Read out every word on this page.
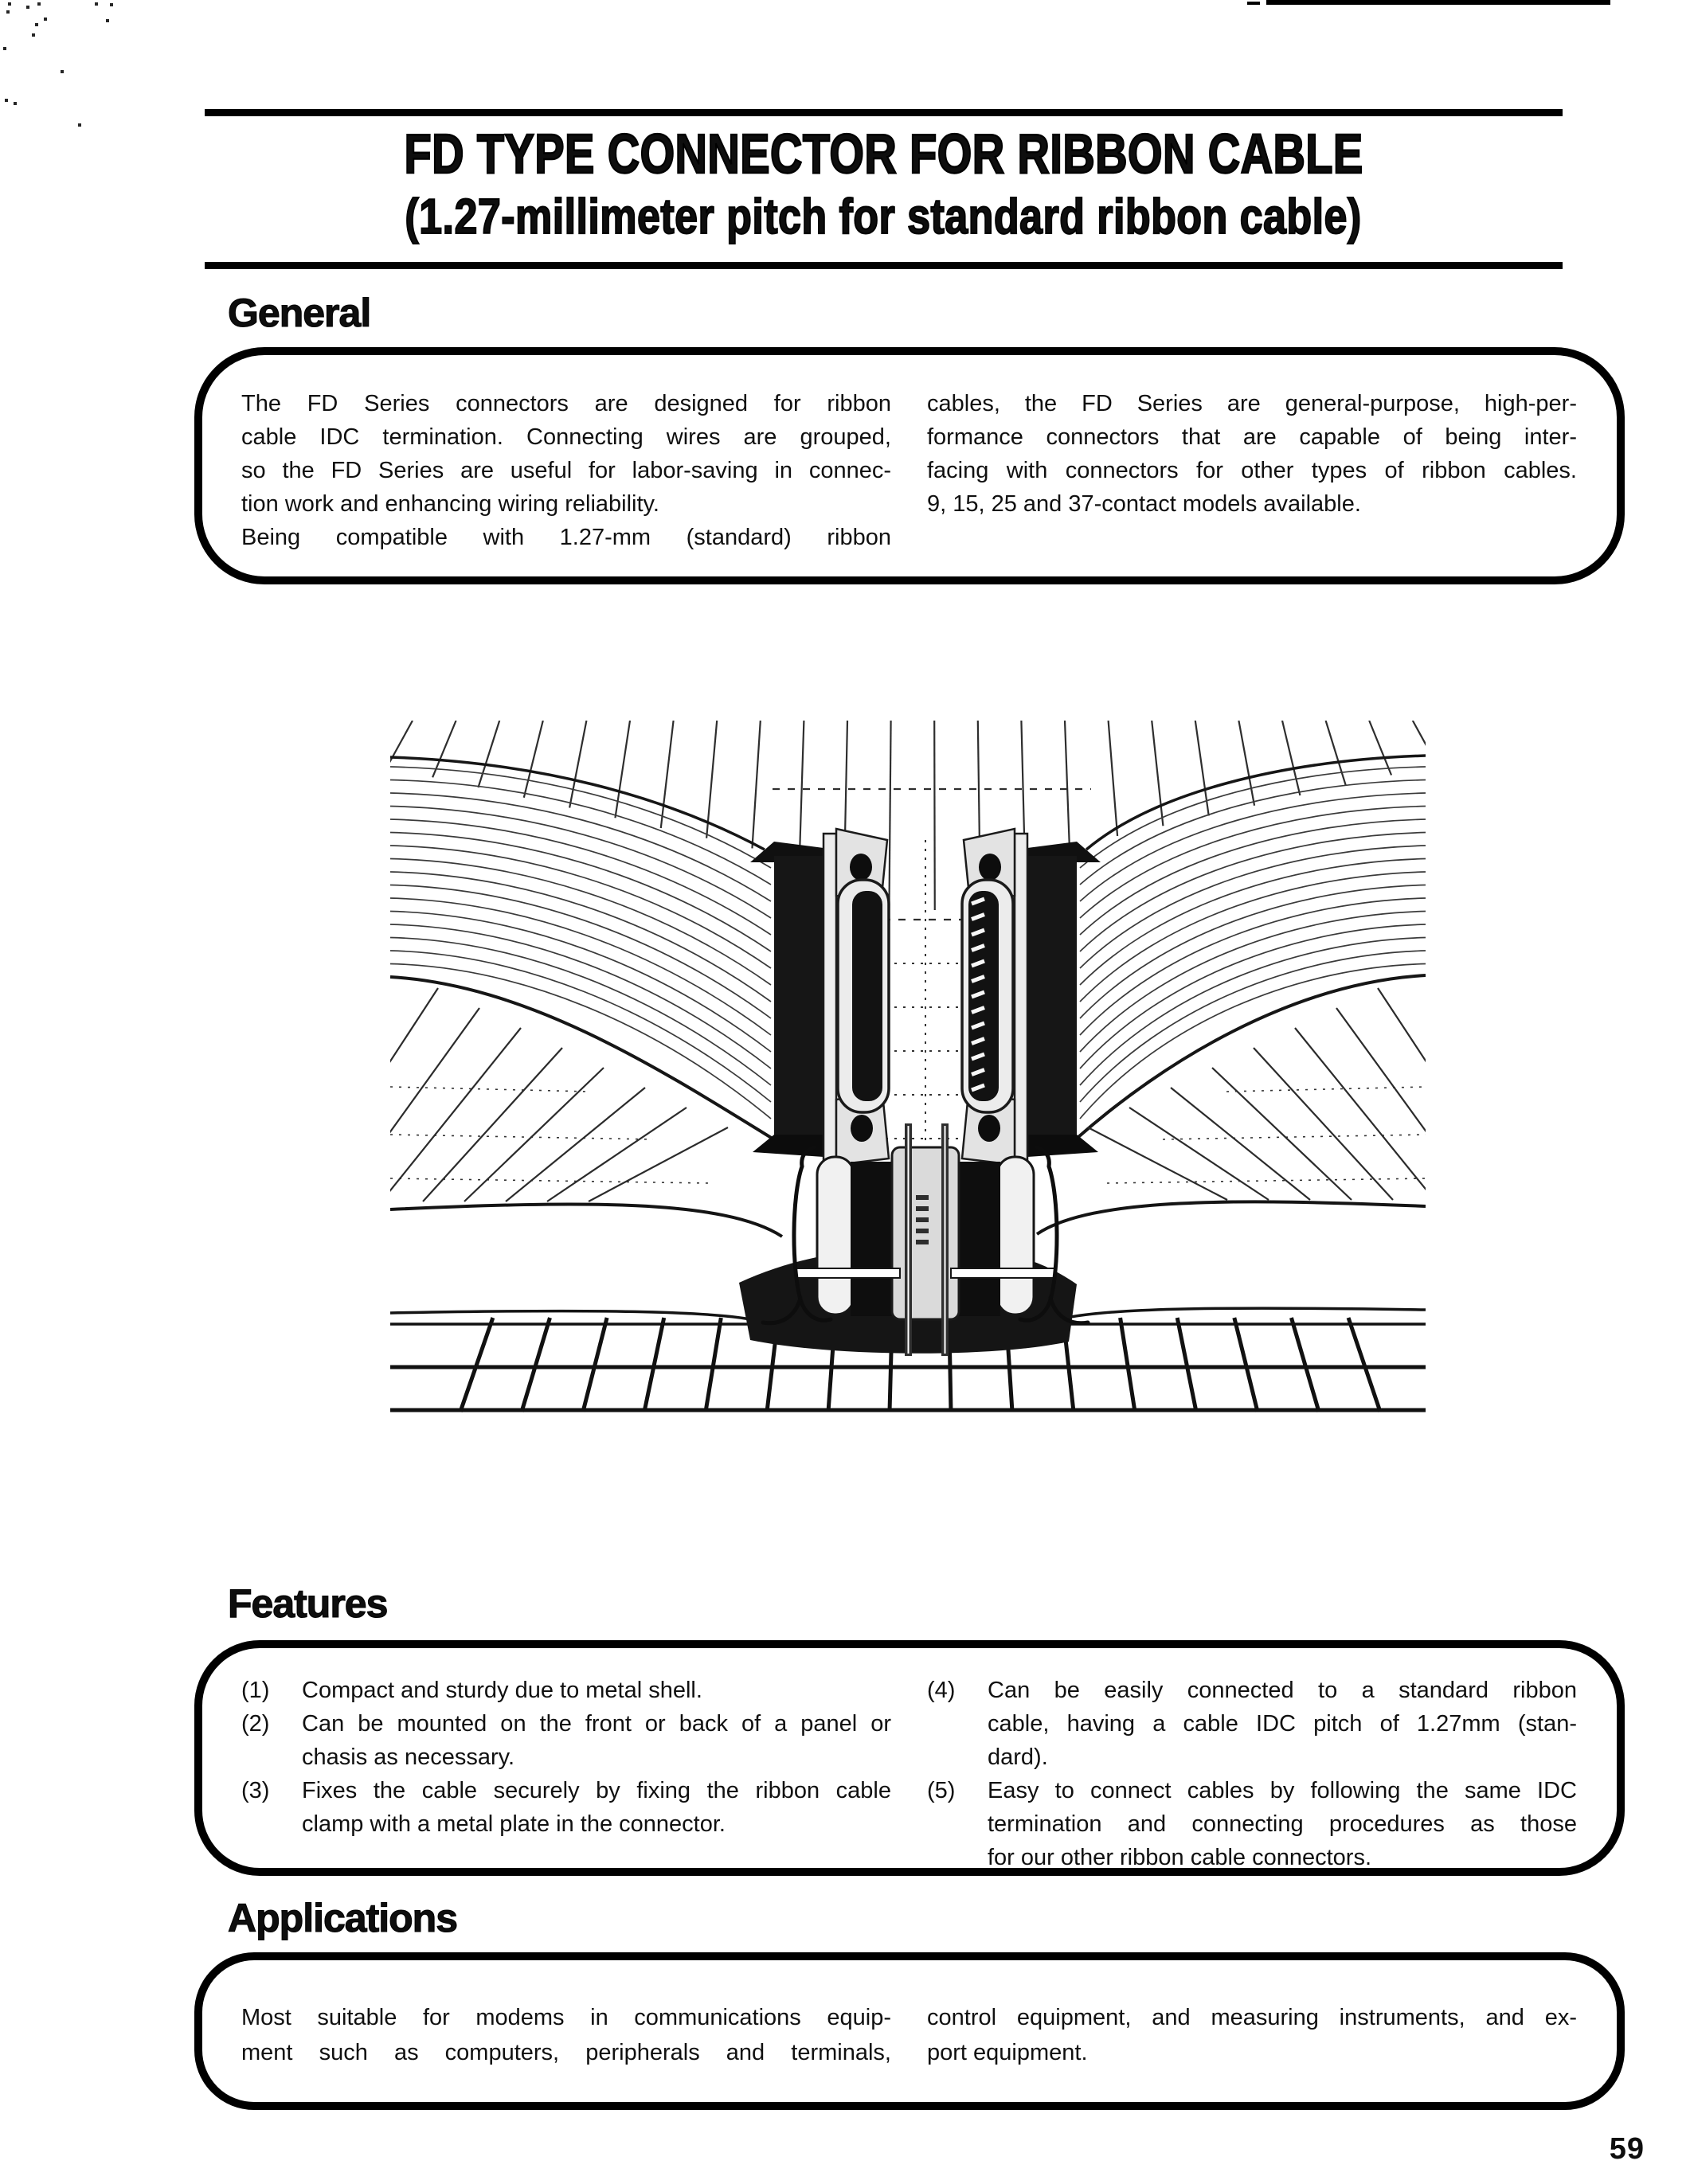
FD TYPE CONNECTOR FOR RIBBON CABLE
(1.27-millimeter pitch for standard ribbon cable)
General
The FD Series connectors are designed for ribbon
cable IDC termination. Connecting wires are grouped,
so the FD Series are useful for labor-saving in connec-
tion work and enhancing wiring reliability.
Being compatible with 1.27-mm (standard) ribbon
cables, the FD Series are general-purpose, high-per-
formance connectors that are capable of being inter-
facing with connectors for other types of ribbon cables.
9, 15, 25 and 37-contact models available.
Features
(1)	Compact and sturdy due to metal shell.
(2)	Can be mounted on the front or back of a panel or
chasis as necessary.
(3)	Fixes the cable securely by fixing the ribbon cable
clamp with a metal plate in the connector.
(4)	Can be easily connected to a standard ribbon
cable, having a cable IDC pitch of 1.27mm (stan-
dard).
(5)	Easy to connect cables by following the same IDC
termination and connecting procedures as those
for our other ribbon cable connectors.
Applications
Most suitable for modems in communications equip-
ment such as computers, peripherals and terminals,
control equipment, and measuring instruments, and ex-
port equipment.
59
